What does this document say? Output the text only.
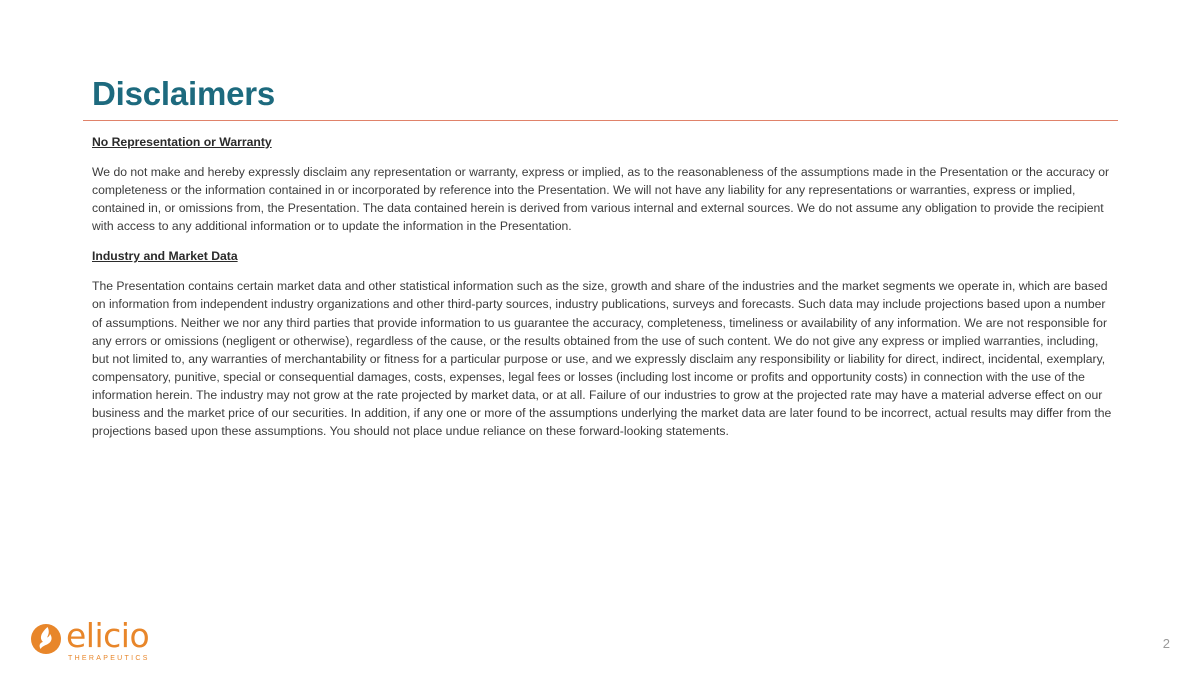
Disclaimers

No Representation or Warranty

We do not make and hereby expressly disclaim any representation or warranty, express or implied, as to the reasonableness of the assumptions made in the Presentation or the accuracy or completeness or the information contained in or incorporated by reference into the Presentation. We will not have any liability for any representations or warranties, express or implied, contained in, or omissions from, the Presentation. The data contained herein is derived from various internal and external sources. We do not assume any obligation to provide the recipient with access to any additional information or to update the information in the Presentation.

Industry and Market Data

The Presentation contains certain market data and other statistical information such as the size, growth and share of the industries and the market segments we operate in, which are based on information from independent industry organizations and other third-party sources, industry publications, surveys and forecasts. Such data may include projections based upon a number of assumptions. Neither we nor any third parties that provide information to us guarantee the accuracy, completeness, timeliness or availability of any information. We are not responsible for any errors or omissions (negligent or otherwise), regardless of the cause, or the results obtained from the use of such content. We do not give any express or implied warranties, including, but not limited to, any warranties of merchantability or fitness for a particular purpose or use, and we expressly disclaim any responsibility or liability for direct, indirect, incidental, exemplary, compensatory, punitive, special or consequential damages, costs, expenses, legal fees or losses (including lost income or profits and opportunity costs) in connection with the use of the information herein. The industry may not grow at the rate projected by market data, or at all. Failure of our industries to grow at the projected rate may have a material adverse effect on our business and the market price of our securities. In addition, if any one or more of the assumptions underlying the market data are later found to be incorrect, actual results may differ from the projections based upon these assumptions. You should not place undue reliance on these forward-looking statements.

elicio
THERAPEUTICS
2
